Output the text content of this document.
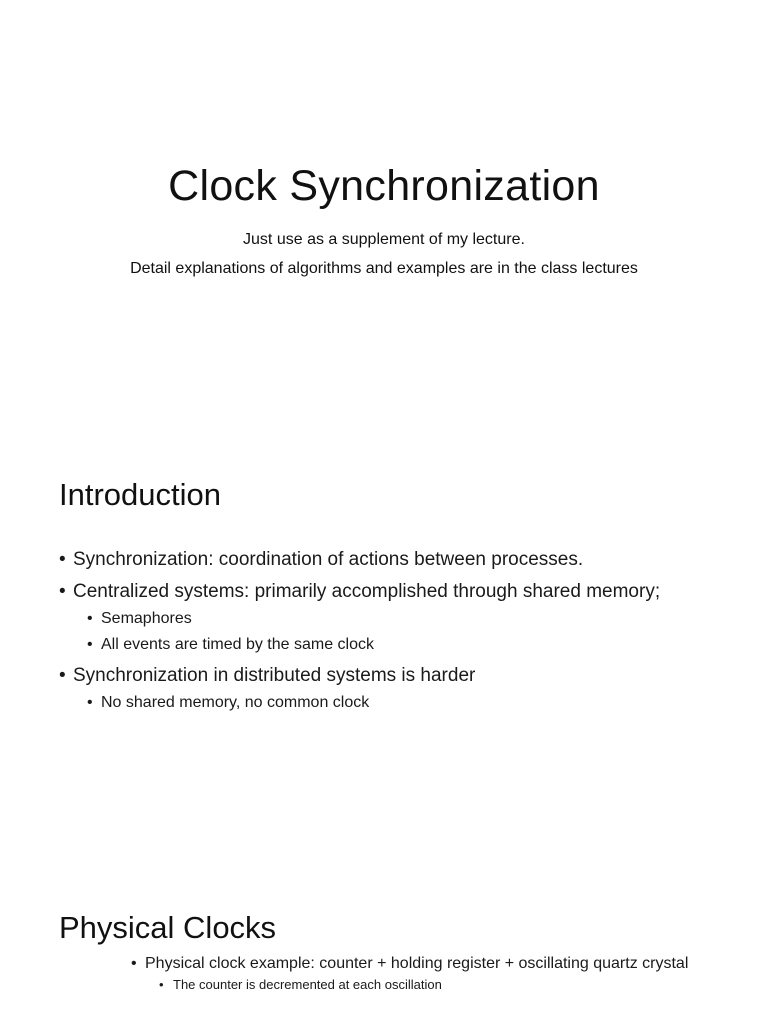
Clock Synchronization

Just use as a supplement of my lecture.

Detail explanations of algorithms and examples are in the class lectures

Introduction
• Synchronization: coordination of actions between processes.
• Centralized systems: primarily accomplished through shared memory;
• Semaphores
• All events are timed by the same clock
• Synchronization in distributed systems is harder
• No shared memory, no common clock
Physical Clocks
• Physical clock example: counter + holding register + oscillating quartz crystal
• The counter is decremented at each oscillation
